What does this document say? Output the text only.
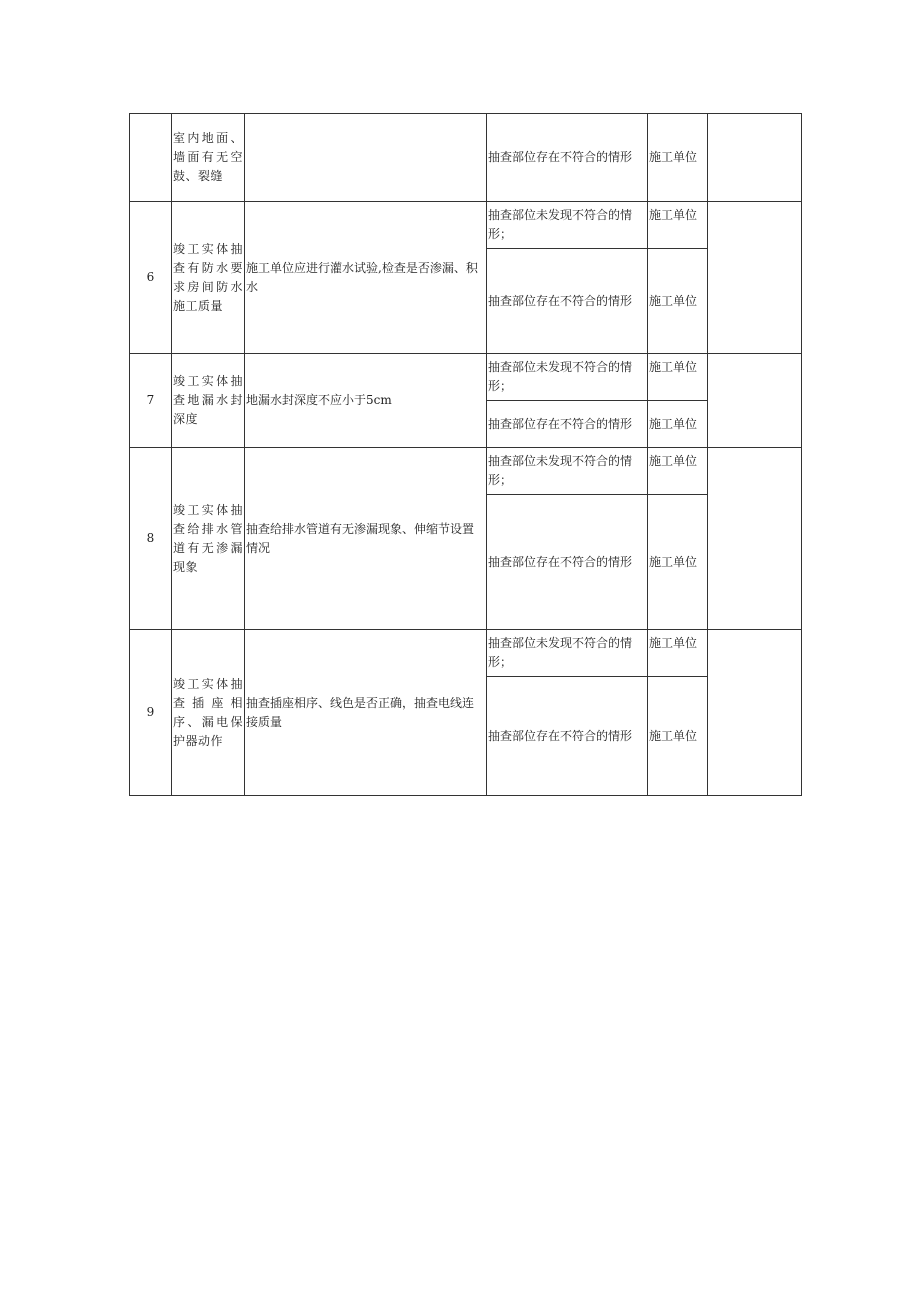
	室内地面、墙面有无空鼓、裂缝		抽查部位存在不符合的情形	施工单位	
6	竣工实体抽查有防水要求房间防水施工质量	施工单位应进行灌水试验,检查是否渗漏、积水	抽查部位未发现不符合的情形；	施工单位	
			抽查部位存在不符合的情形	施工单位	
7	竣工实体抽查地漏水封深度	地漏水封深度不应小于5cm	抽查部位未发现不符合的情形；	施工单位	
			抽查部位存在不符合的情形	施工单位	
8	竣工实体抽查给排水管道有无渗漏现象	抽查给排水管道有无渗漏现象、伸缩节设置情况	抽查部位未发现不符合的情形；	施工单位	
			抽查部位存在不符合的情形	施工单位	
9	竣工实体抽查插座相序、漏电保护器动作	抽查插座相序、线色是否正确，抽查电线连接质量	抽查部位未发现不符合的情形；	施工单位	
			抽查部位存在不符合的情形	施工单位	
